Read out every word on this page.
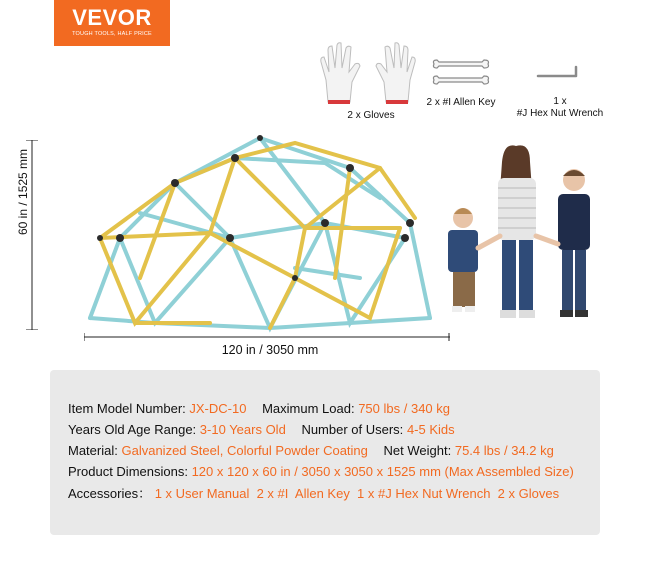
VEVOR
TOUGH TOOLS, HALF PRICE
2 x Gloves
2 x #I Allen Key	1 x
#J Hex Nut Wrench
60 in / 1525 mm
120 in / 3050 mm
Item Model Number: JX-DC-10 Maximum Load: 750 lbs / 340 kg
Years Old Age Range: 3-10 Years Old Number of Users: 4-5 Kids
Material: Galvanized Steel, Colorful Powder Coating Net Weight: 75.4 lbs / 34.2 kg
Product Dimensions: 120 x 120 x 60 in / 3050 x 3050 x 1525 mm (Max Assembled Size)
Accessories： 1 x User Manual  2 x #I  Allen Key  1 x #J Hex Nut Wrench  2 x Gloves
